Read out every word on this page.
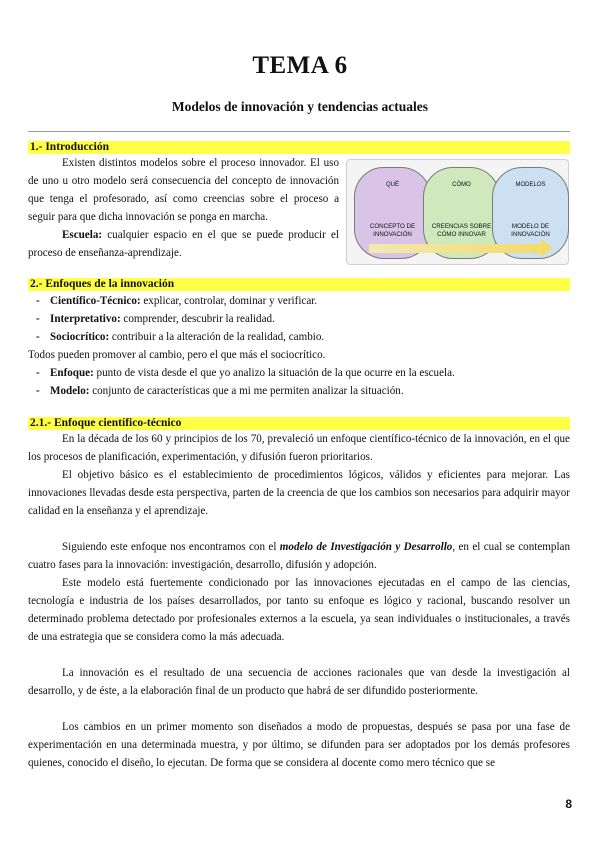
TEMA 6
Modelos de innovación y tendencias actuales
1.- Introducción

Existen distintos modelos sobre el proceso innovador. El uso de uno u otro modelo será consecuencia del concepto de innovación que tenga el profesorado, así como creencias sobre el proceso a seguir para que dicha innovación se ponga en marcha.

Escuela: cualquier espacio en el que se puede producir el proceso de enseñanza-aprendizaje.

QUÉ
CONCEPTO DE INNOVACIÓN
CÓMO
CREENCIAS SOBRE CÓMO INNOVAR
MODELOS
MODELO DE INNOVACIÓN
2.- Enfoques de la innovación
- Científico-Técnico: explicar, controlar, dominar y verificar.
- Interpretativo: comprender, descubrir la realidad.
- Sociocrítico: contribuir a la alteración de la realidad, cambio.
Todos pueden promover al cambio, pero el que más el sociocrítico.
- Enfoque: punto de vista desde el que yo analizo la situación de la que ocurre en la escuela.
- Modelo: conjunto de características que a mi me permiten analizar la situación.
2.1.- Enfoque científico-técnico

En la década de los 60 y principios de los 70, prevaleció un enfoque científico-técnico de la innovación, en el que los procesos de planificación, experimentación, y difusión fueron prioritarios.

El objetivo básico es el establecimiento de procedimientos lógicos, válidos y eficientes para mejorar. Las innovaciones llevadas desde esta perspectiva, parten de la creencia de que los cambios son necesarios para adquirir mayor calidad en la enseñanza y el aprendizaje.

Siguiendo este enfoque nos encontramos con el modelo de Investigación y Desarrollo, en el cual se contemplan cuatro fases para la innovación: investigación, desarrollo, difusión y adopción.

Este modelo está fuertemente condicionado por las innovaciones ejecutadas en el campo de las ciencias, tecnología e industria de los países desarrollados, por tanto su enfoque es lógico y racional, buscando resolver un determinado problema detectado por profesionales externos a la escuela, ya sean individuales o institucionales, a través de una estrategia que se considera como la más adecuada.

La innovación es el resultado de una secuencia de acciones racionales que van desde la investigación al desarrollo, y de éste, a la elaboración final de un producto que habrá de ser difundido posteriormente.

Los cambios en un primer momento son diseñados a modo de propuestas, después se pasa por una fase de experimentación en una determinada muestra, y por último, se difunden para ser adoptados por los demás profesores quienes, conocido el diseño, lo ejecutan. De forma que se considera al docente como mero técnico que se

8
